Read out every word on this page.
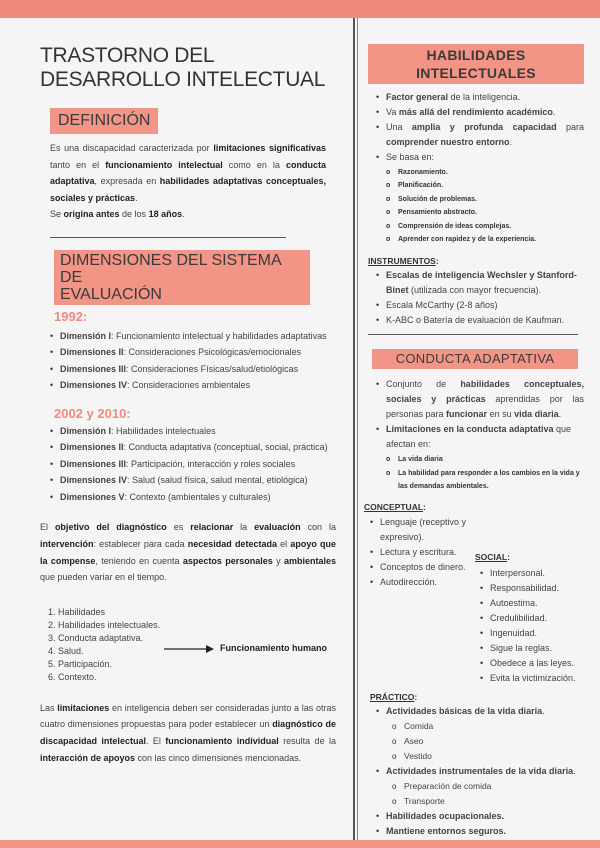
TRASTORNO DEL DESARROLLO INTELECTUAL
DEFINICIÓN

Es una discapacidad caracterizada por limitaciones significativas tanto en el funcionamiento intelectual como en la conducta adaptativa, expresada en habilidades adaptativas conceptuales, sociales y prácticas.
Se origina antes de los 18 años.

DIMENSIONES DEL SISTEMA DE
EVALUACIÓN
1992:
• Dimensión I: Funcionamiento intelectual y habilidades adaptativas
• Dimensiones II: Consideraciones Psicológicas/emocionales
• Dimensiones III: Consideraciones Físicas/salud/etiológicas
• Dimensiones IV: Consideraciones ambientales
2002 y 2010:
• Dimensión I: Habilidades intelectuales
• Dimensiones II: Conducta adaptativa (conceptual, social, práctica)
• Dimensiones III: Participación, interacción y roles sociales
• Dimensiones IV: Salud (salud física, salud mental, etiológica)
• Dimensiones V: Contexto (ambientales y culturales)

El objetivo del diagnóstico es relacionar la evaluación con la intervención: establecer para cada necesidad detectada el apoyo que la compense, teniendo en cuenta aspectos personales y ambientales que pueden variar en el tiempo.

1. Habilidades
2. Habilidades intelectuales.
3. Conducta adaptativa.
4. Salud.
5. Participación.
6. Contexto.
Funcionamiento humano

Las limitaciones en inteligencia deben ser consideradas junto a las otras cuatro dimensiones propuestas para poder establecer un diagnóstico de discapacidad intelectual. El funcionamiento individual resulta de la interacción de apoyos con las cinco dimensiones mencionadas.

HABILIDADES INTELECTUALES
• Factor general de la inteligencia.
• Va más allá del rendimiento académico.
• Una amplia y profunda capacidad para comprender nuestro entorno.
• Se basa en:
o Razonamiento.
o Planificación.
o Solución de problemas.
o Pensamiento abstracto.
o Comprensión de ideas complejas.
o Aprender con rapidez y de la experiencia.
INSTRUMENTOS:
• Escalas de inteligencia Wechsler y Stanford-Binet (utilizada con mayor frecuencia).
• Escala McCarthy (2-8 años)
• K-ABC o Batería de evaluación de Kaufman.
CONDUCTA ADAPTATIVA
• Conjunto de habilidades conceptuales, sociales y prácticas aprendidas por las personas para funcionar en su vida diaria.
• Limitaciones en la conducta adaptativa que afectan en:
o La vida diaria
o La habilidad para responder a los cambios en la vida y las demandas ambientales.
CONCEPTUAL:
• Lenguaje (receptivo y expresivo).
• Lectura y escritura.
• Conceptos de dinero.
• Autodirección.
SOCIAL:
• Interpersonal.
• Responsabilidad.
• Autoestima.
• Credulibilidad.
• Ingenuidad.
• Sigue la reglas.
• Obedece a las leyes.
• Evita la victimización.
PRÁCTICO:
• Actividades básicas de la vida diaria.
o Comida
o Aseo
o Vestido
• Actividades instrumentales de la vida diaria.
o Preparación de comida
o Transporte
• Habilidades ocupacionales.
• Mantiene entornos seguros.
